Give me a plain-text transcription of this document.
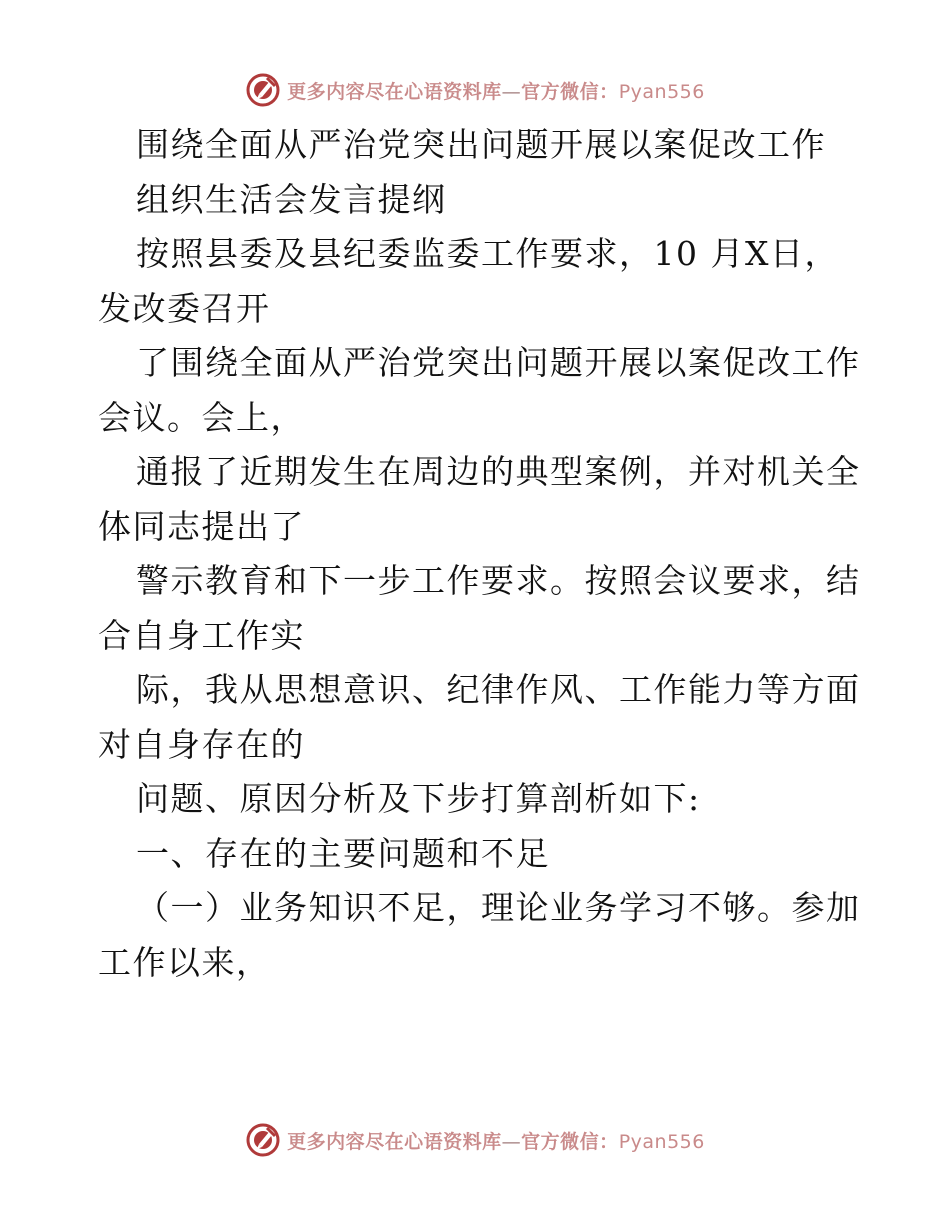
更多内容尽在心语资料库—官方微信：Pyan556
围绕全面从严治党突出问题开展以案促改工作
组织生活会发言提纲
按照县委及县纪委监委工作要求，10 月X日，
发改委召开
了围绕全面从严治党突出问题开展以案促改工作
会议。会上，
通报了近期发生在周边的典型案例，并对机关全
体同志提出了
警示教育和下一步工作要求。按照会议要求，结
合自身工作实
际，我从思想意识、纪律作风、工作能力等方面
对自身存在的
问题、原因分析及下步打算剖析如下:
一、存在的主要问题和不足
（一）业务知识不足，理论业务学习不够。参加
工作以来，
更多内容尽在心语资料库—官方微信：Pyan556
